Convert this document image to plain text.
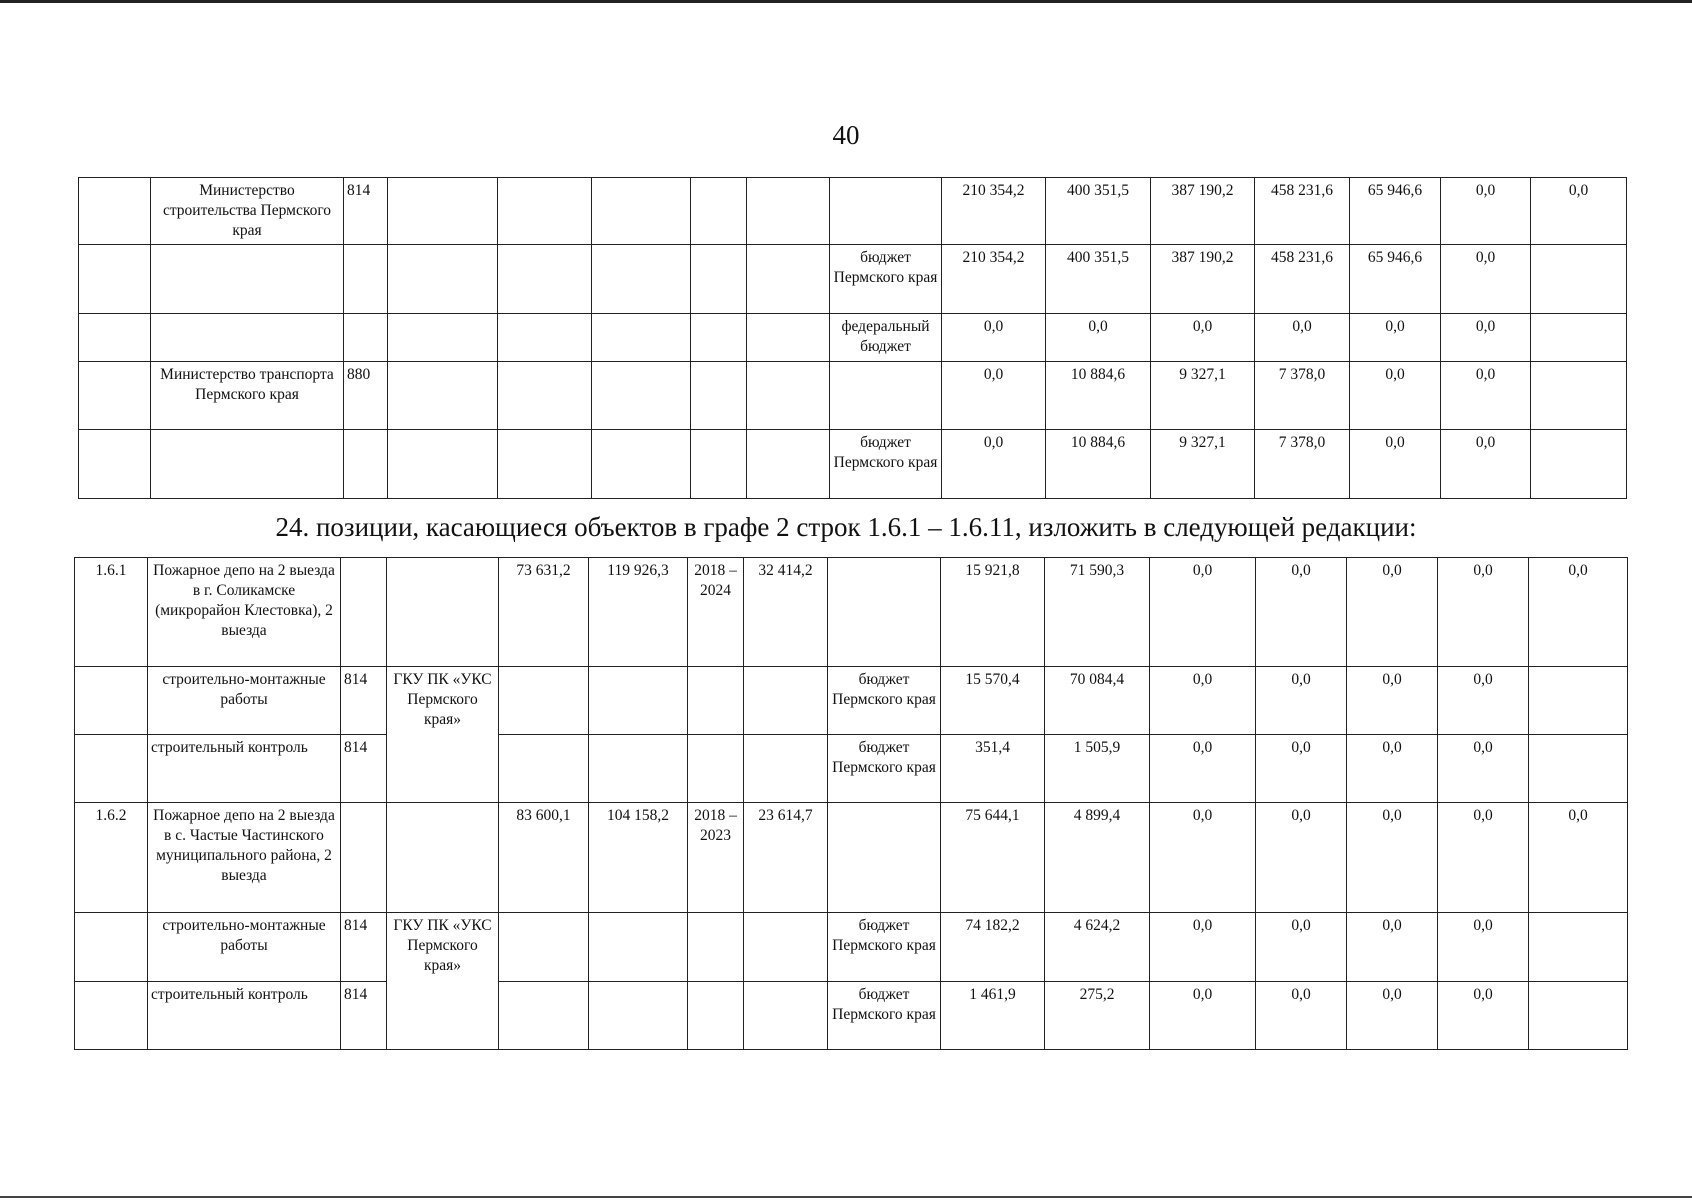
40
	Министерство строительства Пермского края	814							210 354,2	400 351,5	387 190,2	458 231,6	65 946,6	0,0	0,0
								бюджет Пермского края	210 354,2	400 351,5	387 190,2	458 231,6	65 946,6	0,0	
								федеральный бюджет	0,0	0,0	0,0	0,0	0,0	0,0	
	Министерство транспорта Пермского края	880							0,0	10 884,6	9 327,1	7 378,0	0,0	0,0	
								бюджет Пермского края	0,0	10 884,6	9 327,1	7 378,0	0,0	0,0	
24. позиции, касающиеся объектов в графе 2 строк 1.6.1 – 1.6.11, изложить в следующей редакции:
1.6.1	Пожарное депо на 2 выезда в г. Соликамске (микрорайон Клестовка), 2 выезда			73 631,2	119 926,3	2018 – 2024	32 414,2		15 921,8	71 590,3	0,0	0,0	0,0	0,0	0,0
	строительно-монтажные работы	814	ГКУ ПК «УКС Пермского края»					бюджет Пермского края	15 570,4	70 084,4	0,0	0,0	0,0	0,0	
	строительный контроль	814						бюджет Пермского края	351,4	1 505,9	0,0	0,0	0,0	0,0	
1.6.2	Пожарное депо на 2 выезда в с. Частые Частинского муниципального района, 2 выезда			83 600,1	104 158,2	2018 – 2023	23 614,7		75 644,1	4 899,4	0,0	0,0	0,0	0,0	0,0
	строительно-монтажные работы	814	ГКУ ПК «УКС Пермского края»					бюджет Пермского края	74 182,2	4 624,2	0,0	0,0	0,0	0,0	
	строительный контроль	814						бюджет Пермского края	1 461,9	275,2	0,0	0,0	0,0	0,0	
